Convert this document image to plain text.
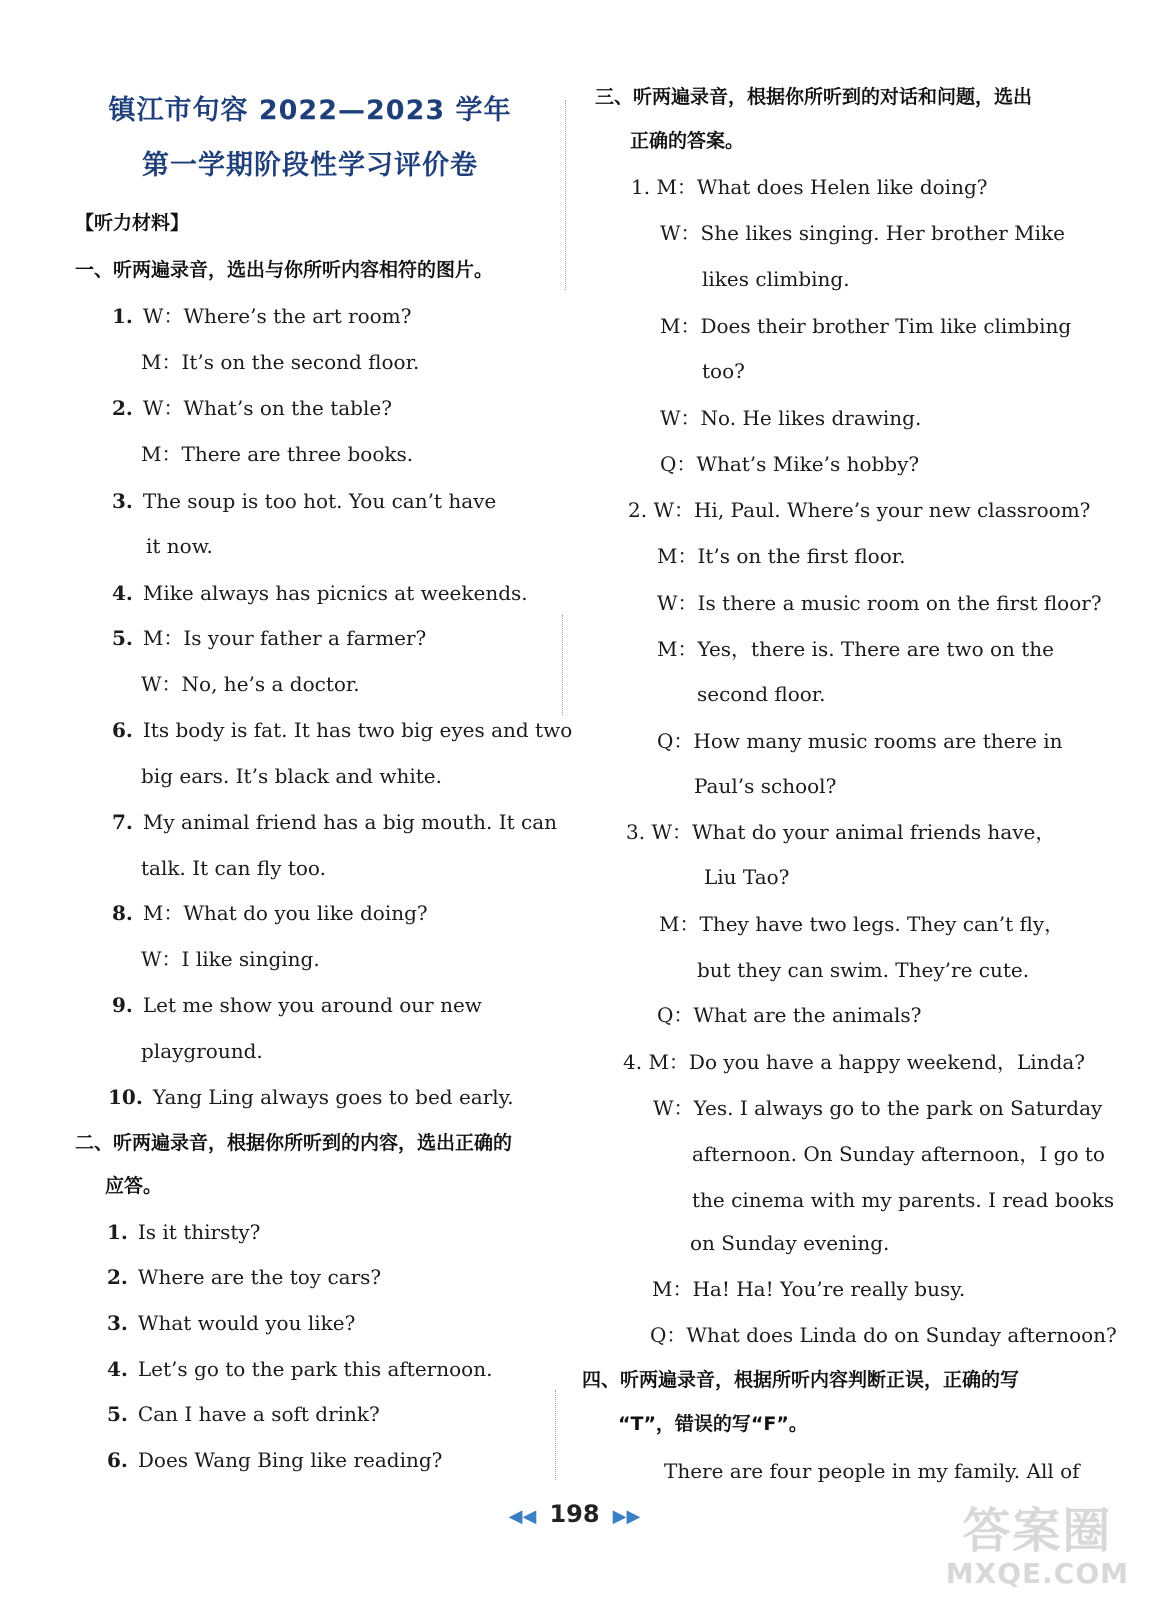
镇江市句容 2022—2023 学年
第一学期阶段性学习评价卷
【听力材料】
一、听两遍录音，选出与你所听内容相符的图片。
1. W：Where’s the art room?
M：It’s on the second floor.
2. W：What’s on the table?
M：There are three books.
3. The soup is too hot. You can’t have
it now.
4. Mike always has picnics at weekends.
5. M：Is your father a farmer?
W：No, he’s a doctor.
6. Its body is fat. It has two big eyes and two
big ears. It’s black and white.
7. My animal friend has a big mouth. It can
talk. It can fly too.
8. M：What do you like doing?
W：I like singing.
9. Let me show you around our new
playground.
10. Yang Ling always goes to bed early.
二、听两遍录音，根据你所听到的内容，选出正确的
应答。
1. Is it thirsty?
2. Where are the toy cars?
3. What would you like?
4. Let’s go to the park this afternoon.
5. Can I have a soft drink?
6. Does Wang Bing like reading?
三、听两遍录音，根据你所听到的对话和问题，选出
正确的答案。
1. M：What does Helen like doing?
W：She likes singing. Her brother Mike
likes climbing.
M：Does their brother Tim like climbing
too?
W：No. He likes drawing.
Q：What’s Mike’s hobby?
2. W：Hi, Paul. Where’s your new classroom?
M：It’s on the first floor.
W：Is there a music room on the first floor?
M：Yes，there is. There are two on the
second floor.
Q：How many music rooms are there in
Paul’s school?
3. W：What do your animal friends have，
Liu Tao?
M：They have two legs. They can’t fly，
but they can swim. They’re cute.
Q：What are the animals?
4. M：Do you have a happy weekend，Linda?
W：Yes. I always go to the park on Saturday
afternoon. On Sunday afternoon，I go to
the cinema with my parents. I read books
on Sunday evening.
M：Ha! Ha! You’re really busy.
Q：What does Linda do on Sunday afternoon?
四、听两遍录音，根据所听内容判断正误，正确的写
“T”，错误的写“F”。
There are four people in my family. All of
◀◀ 198 ▶▶	答案圈
MXQE.COM
